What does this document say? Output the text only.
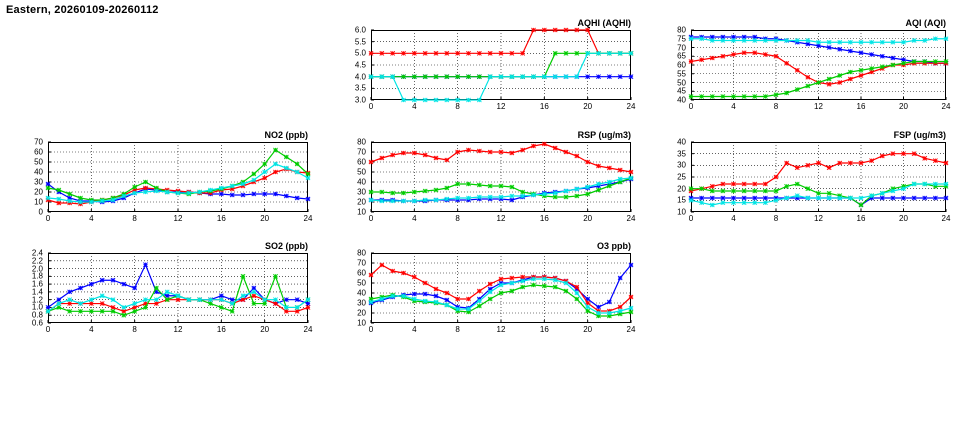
Eastern, 20260109-20260112
AQHI (AQHI)
3.0
3.5
4.0
4.5
5.0
5.5
6.0
0	4	8	12	16	20	24
AQI (AQI)
40
45
50
55
60
65
70
75
80
0	4	8	12	16	20	24
NO2 (ppb)
0
10
20
30
40
50
60
70
0	4	8	12	16	20	24
RSP (ug/m3)
10
20
30
40
50
60
70
80
0	4	8	12	16	20	24
FSP (ug/m3)
10
15
20
25
30
35
40
0	4	8	12	16	20	24
SO2 (ppb)
0.6
0.8
1.0
1.2
1.4
1.6
1.8
2.0
2.2
2.4
0	4	8	12	16	20	24
O3 ppb)
10
20
30
40
50
60
70
80
0	4	8	12	16	20	24
